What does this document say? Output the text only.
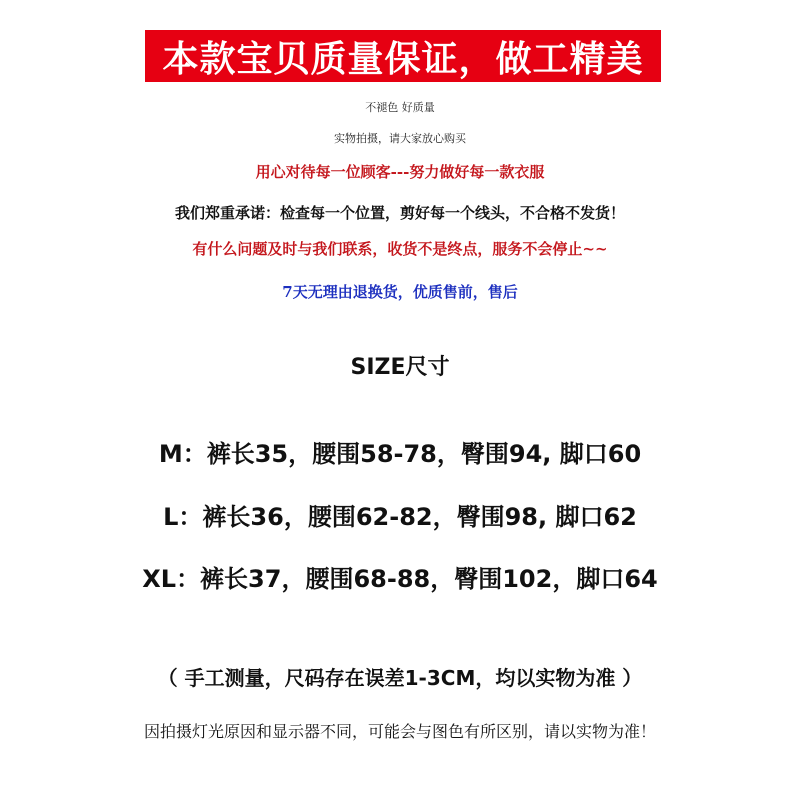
本款宝贝质量保证，做工精美
不褪色 好质量
实物拍摄，请大家放心购买
用心对待每一位顾客---努力做好每一款衣服
我们郑重承诺：检查每一个位置，剪好每一个线头，不合格不发货！
有什么问题及时与我们联系，收货不是终点，服务不会停止~~
7天无理由退换货，优质售前，售后
SIZE尺寸
M：裤长35，腰围58-78，臀围94, 脚口60
L：裤长36，腰围62-82，臀围98, 脚口62
XL：裤长37，腰围68-88，臀围102，脚口64
（ 手工测量，尺码存在误差1-3CM，均以实物为准 ）
因拍摄灯光原因和显示器不同，可能会与图色有所区别，请以实物为准！
